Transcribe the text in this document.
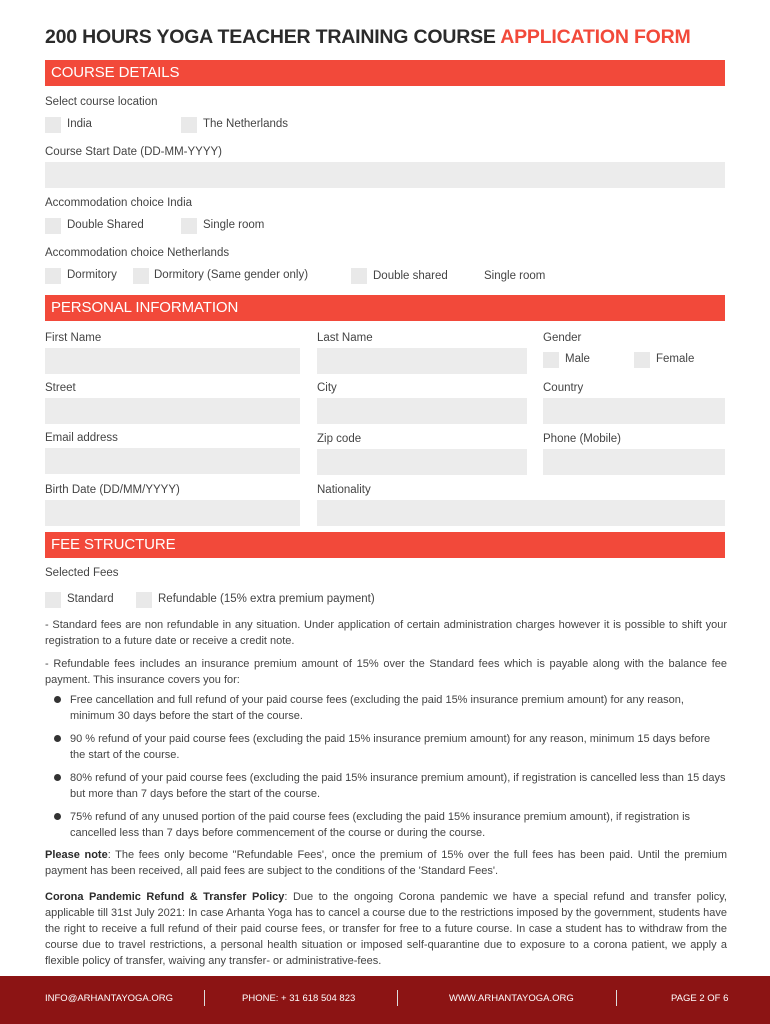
200 HOURS YOGA TEACHER TRAINING COURSE APPLICATION FORM
COURSE DETAILS
Select course location
India	The Netherlands
Course Start Date (DD-MM-YYYY)
Accommodation choice India
Double Shared	Single room
Accommodation choice Netherlands
Dormitory	Dormitory (Same gender only)	Double shared	Single room
PERSONAL INFORMATION
First Name	Last Name	Gender
Male	Female
Street	City	Country
Email address	Zip code	Phone (Mobile)
Birth Date (DD/MM/YYYY)	Nationality
FEE STRUCTURE
Selected Fees
Standard	Refundable (15% extra premium payment)
- Standard fees are non refundable in any situation. Under application of certain administration charges however it is possible to shift your registration to a future date or receive a credit note.
- Refundable fees includes an insurance premium amount of 15% over the Standard fees which is payable along with the balance fee payment. This insurance covers you for:
Free cancellation and full refund of your paid course fees (excluding the paid 15% insurance premium amount) for any reason, minimum 30 days before the start of the course.
90 % refund of your paid course fees (excluding the paid 15% insurance premium amount) for any reason, minimum 15 days before the start of the course.
80% refund of your paid course fees (excluding the paid 15% insurance premium amount), if registration is cancelled less than 15 days but more than 7 days before the start of the course.
75% refund of any unused portion of the paid course fees (excluding the paid 15% insurance premium amount), if registration is cancelled less than 7 days before commencement of the course or during the course.
Please note: The fees only become "Refundable Fees', once the premium of 15% over the full fees has been paid. Until the premium payment has been received, all paid fees are subject to the conditions of the 'Standard Fees'.
Corona Pandemic Refund & Transfer Policy: Due to the ongoing Corona pandemic we have a special refund and transfer policy, applicable till 31st July 2021: In case Arhanta Yoga has to cancel a course due to the restrictions imposed by the government, students have the right to receive a full refund of their paid course fees, or transfer for free to a future course. In case a student has to withdraw from the course due to travel restrictions, a personal health situation or imposed self-quarantine due to exposure to a corona patient, we apply a flexible policy of transfer, waiving any transfer- or administrative-fees.
INFO@ARHANTAYOGA.ORG	PHONE: + 31 618 504 823	WWW.ARHANTAYOGA.ORG	PAGE 2 OF 6
